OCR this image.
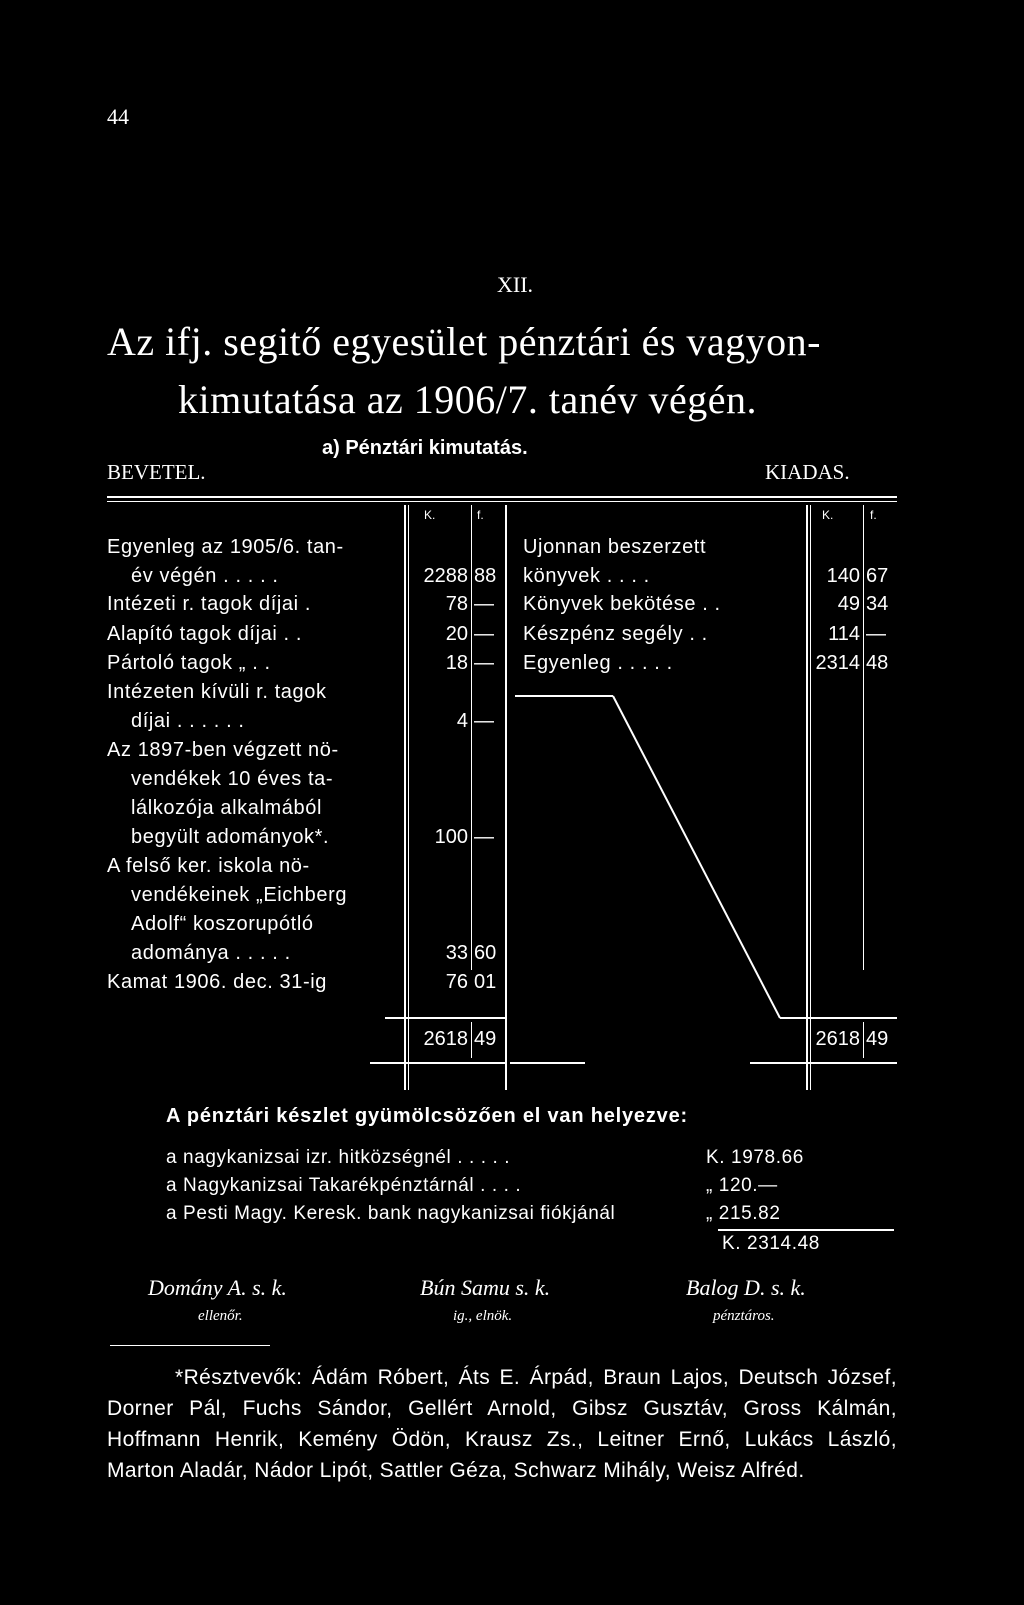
44
XII.
Az ifj. segitő egyesület pénztári és vagyon-
kimutatása az 1906/7. tanév végén.
BEVETEL.
a) Pénztári kimutatás.
KIADAS.
K.	f.	K.	f.
Egyenleg az 1905/6. tan-
év végén . . . . .	2288 88
Intézeti r. tagok díjai .	78 —
Alapító tagok díjai . .	20 —
Pártoló tagok „ . .	18 —
Intézeten kívüli r. tagok
díjai . . . . . .	4 —
Az 1897-ben végzett nö-
vendékek 10 éves ta-
lálkozója alkalmából
begyült adományok*.	100 —
A felső ker. iskola nö-
vendékeinek „Eichberg
Adolf“ koszorupótló
adománya . . . . .	33 60
Kamat 1906. dec. 31-ig	76 01
Ujonnan beszerzett
könyvek . . . .	140 67
Könyvek bekötése . .	49 34
Készpénz segély . .	114 —
Egyenleg . . . . .	2314 48
2618 49	2618 49
A pénztári készlet gyümölcsözően el van helyezve:
a nagykanizsai izr. hitközségnél . . . . .	K. 1978.66
a Nagykanizsai Takarékpénztárnál . . . .	„ 120.—
a Pesti Magy. Keresk. bank nagykanizsai fiókjánál	„ 215.82
K. 2314.48
Domány A. s. k.
ellenőr.
Bún Samu s. k.
ig., elnök.
Balog D. s. k.
pénztáros.
*Résztvevők: Ádám Róbert, Áts E. Árpád, Braun Lajos, Deutsch József, Dorner Pál, Fuchs Sándor, Gellért Arnold, Gibsz Gusztáv, Gross Kálmán, Hoffmann Henrik, Kemény Ödön, Krausz Zs., Leitner Ernő, Lukács László, Marton Aladár, Nádor Lipót, Sattler Géza, Schwarz Mihály, Weisz Alfréd.
